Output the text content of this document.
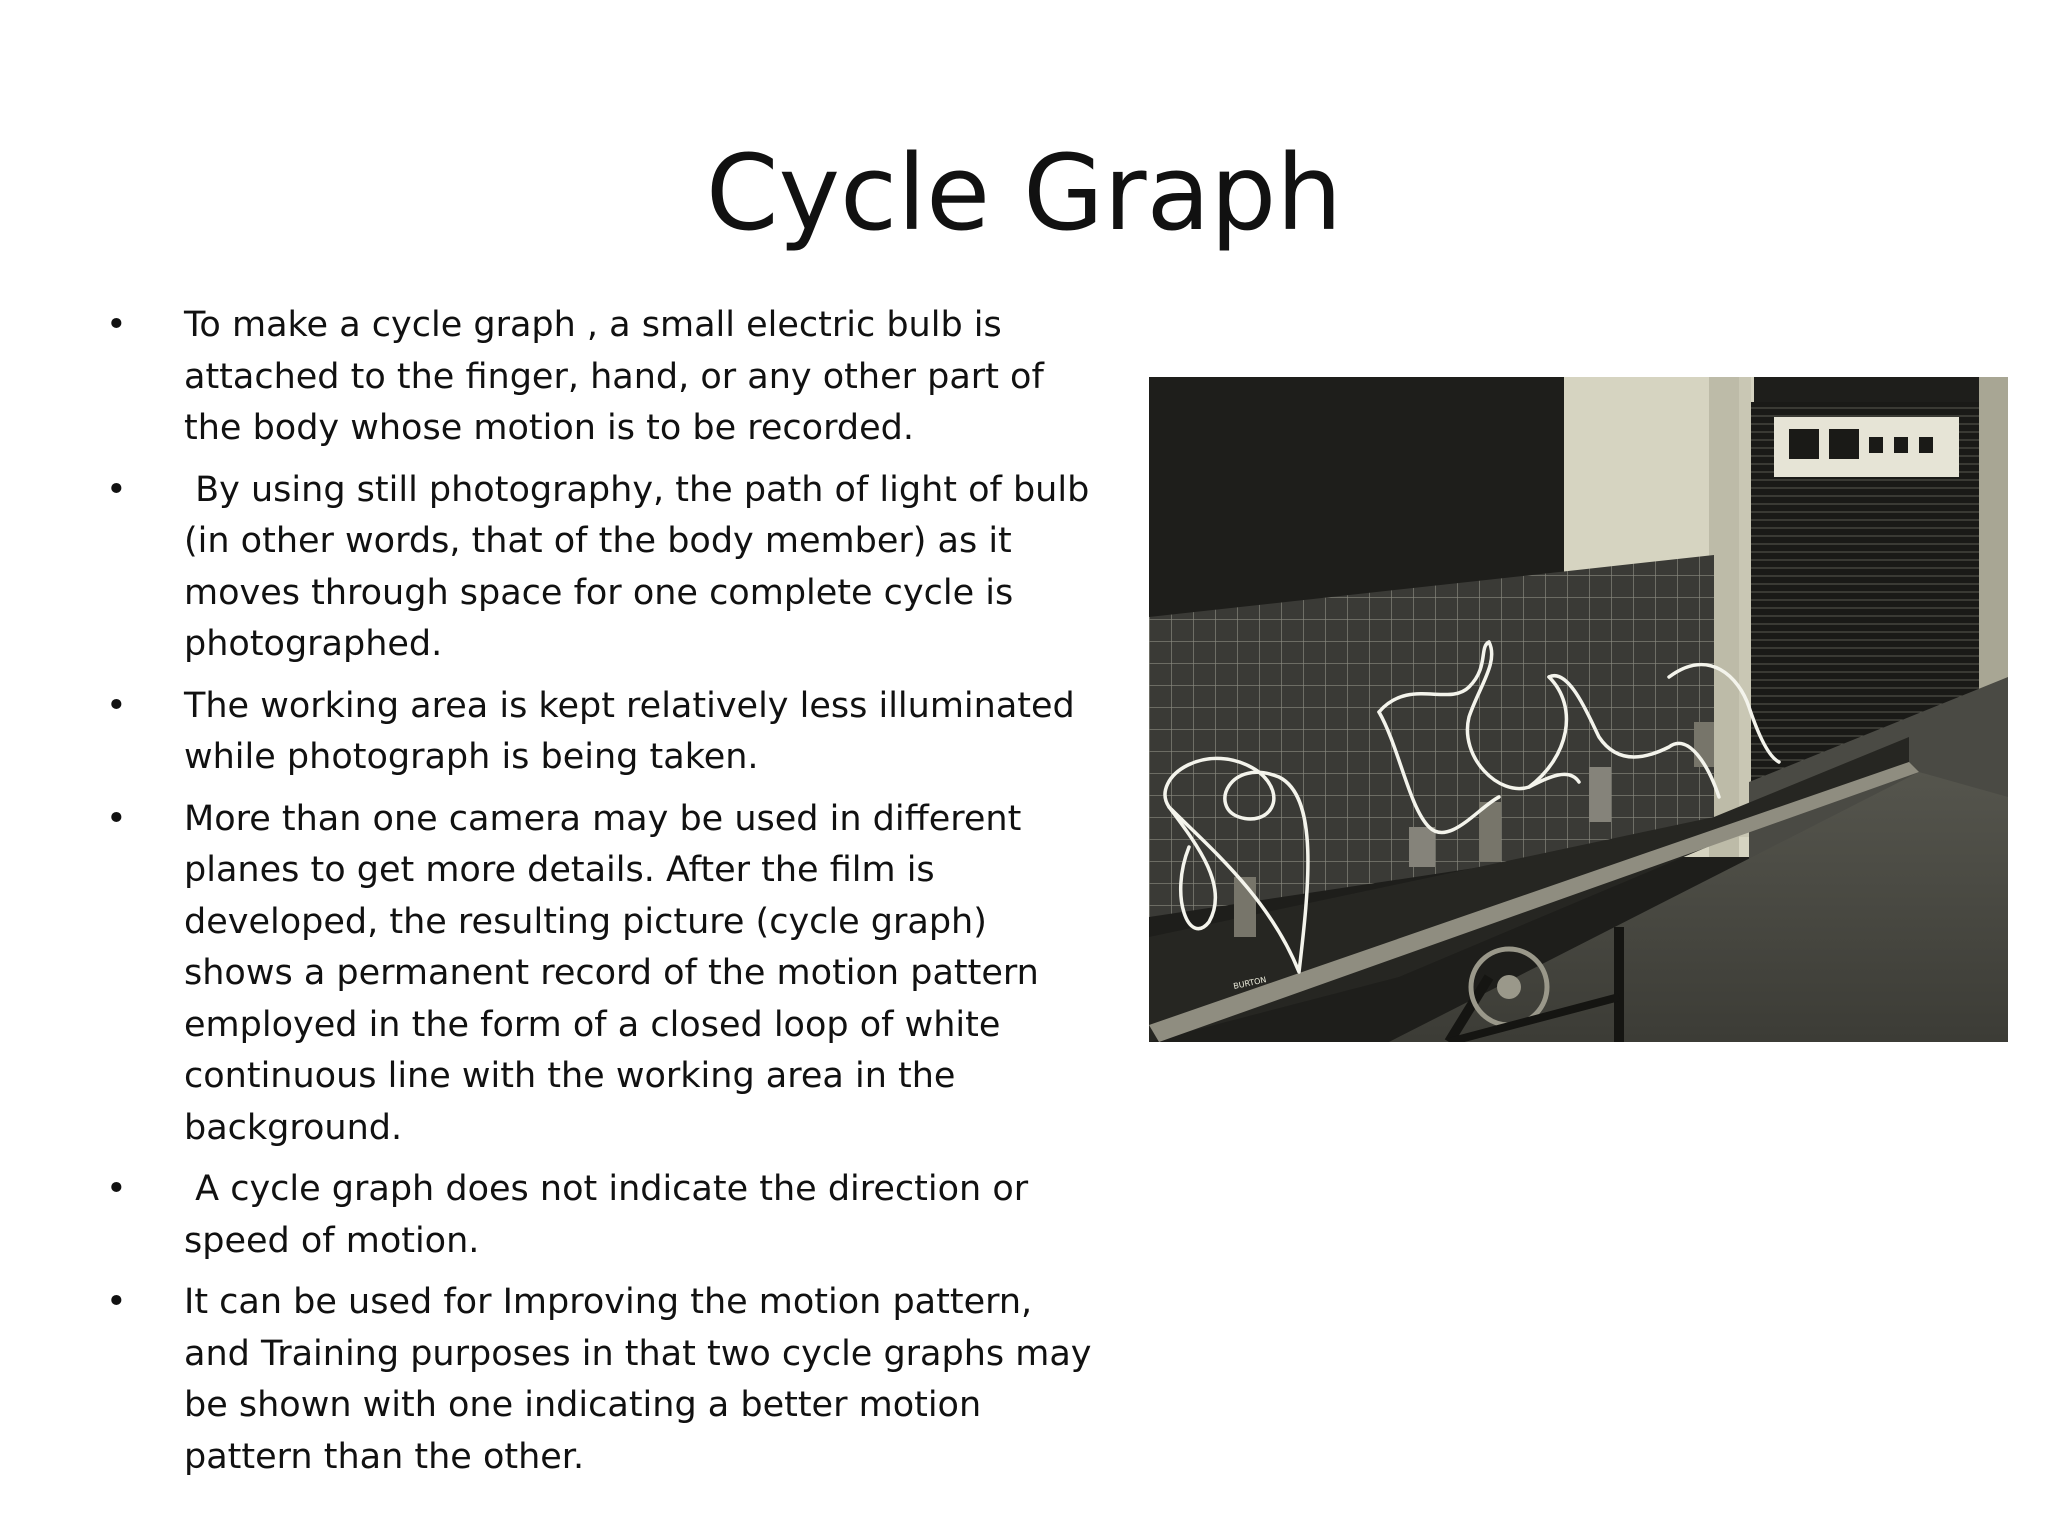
Cycle Graph
• To make a cycle graph , a small electric bulb is attached to the finger, hand, or any other part of the body whose motion is to be recorded.
• By using still photography, the path of light of bulb (in other words, that of the body member) as it moves through space for one complete cycle is photographed.
• The working area is kept relatively less illuminated while photograph is being taken.
• More than one camera may be used in different planes to get more details. After the film is developed, the resulting picture (cycle graph) shows a permanent record of the motion pattern employed in the form of a closed loop of white continuous line with the working area in the background.
• A cycle graph does not indicate the direction or speed of motion.
• It can be used for Improving the motion pattern, and Training purposes in that two cycle graphs may be shown with one indicating a better motion pattern than the other.
BURTON
